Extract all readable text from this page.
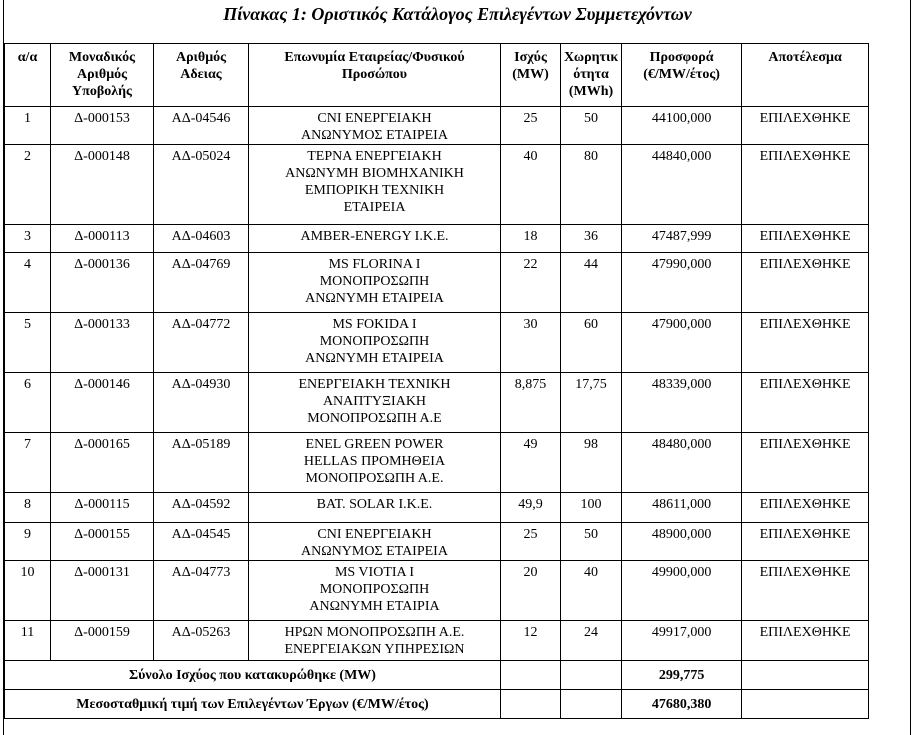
Πίνακας 1: Οριστικός Κατάλογος Επιλεγέντων Συμμετεχόντων
α/α	Μοναδικός
Αριθμός
Υποβολής	Αριθμός
Αδειας	Επωνυμία Εταιρείας/Φυσικού
Προσώπου	Ισχύς
(MW)	Χωρητικ
ότητα
(MWh)	Προσφορά
(€/MW/έτος)	Αποτέλεσμα
1	Δ-000153	ΑΔ-04546	CNI ΕΝΕΡΓΕΙΑΚΗ
ΑΝΩΝΥΜΟΣ ΕΤΑΙΡΕΙΑ	25	50	44100,000	ΕΠΙΛΕΧΘΗΚΕ
2	Δ-000148	ΑΔ-05024	ΤΕΡΝΑ ΕΝΕΡΓΕΙΑΚΗ
ΑΝΩΝΥΜΗ ΒΙΟΜΗΧΑΝΙΚΗ
ΕΜΠΟΡΙΚΗ ΤΕΧΝΙΚΗ
ΕΤΑΙΡΕΙΑ	40	80	44840,000	ΕΠΙΛΕΧΘΗΚΕ
3	Δ-000113	ΑΔ-04603	AMBER-ENERGY Ι.Κ.Ε.	18	36	47487,999	ΕΠΙΛΕΧΘΗΚΕ
4	Δ-000136	ΑΔ-04769	MS FLORINA I
ΜΟΝΟΠΡΟΣΩΠΗ
ΑΝΩΝΥΜΗ ΕΤΑΙΡΕΙΑ	22	44	47990,000	ΕΠΙΛΕΧΘΗΚΕ
5	Δ-000133	ΑΔ-04772	MS FOKIDA I
ΜΟΝΟΠΡΟΣΩΠΗ
ΑΝΩΝΥΜΗ ΕΤΑΙΡΕΙΑ	30	60	47900,000	ΕΠΙΛΕΧΘΗΚΕ
6	Δ-000146	ΑΔ-04930	ΕΝΕΡΓΕΙΑΚΗ ΤΕΧΝΙΚΗ
ΑΝΑΠΤΥΞΙΑΚΗ
ΜΟΝΟΠΡΟΣΩΠΗ Α.Ε	8,875	17,75	48339,000	ΕΠΙΛΕΧΘΗΚΕ
7	Δ-000165	ΑΔ-05189	ENEL GREEN POWER
HELLAS ΠΡΟΜΗΘΕΙΑ
ΜΟΝΟΠΡΟΣΩΠΗ Α.Ε.	49	98	48480,000	ΕΠΙΛΕΧΘΗΚΕ
8	Δ-000115	ΑΔ-04592	BAT. SOLAR Ι.Κ.Ε.	49,9	100	48611,000	ΕΠΙΛΕΧΘΗΚΕ
9	Δ-000155	ΑΔ-04545	CNI ΕΝΕΡΓΕΙΑΚΗ
ΑΝΩΝΥΜΟΣ ΕΤΑΙΡΕΙΑ	25	50	48900,000	ΕΠΙΛΕΧΘΗΚΕ
10	Δ-000131	ΑΔ-04773	MS VIOTIA I
ΜΟΝΟΠΡΟΣΩΠΗ
ΑΝΩΝΥΜΗ ΕΤΑΙΡΙΑ	20	40	49900,000	ΕΠΙΛΕΧΘΗΚΕ
11	Δ-000159	ΑΔ-05263	ΗΡΩΝ ΜΟΝΟΠΡΟΣΩΠΗ Α.Ε.
ΕΝΕΡΓΕΙΑΚΩΝ ΥΠΗΡΕΣΙΩΝ	12	24	49917,000	ΕΠΙΛΕΧΘΗΚΕ
Σύνολο Ισχύος που κατακυρώθηκε (MW)						299,775	
Μεσοσταθμική τιμή των Επιλεγέντων Έργων (€/MW/έτος)						47680,380	
